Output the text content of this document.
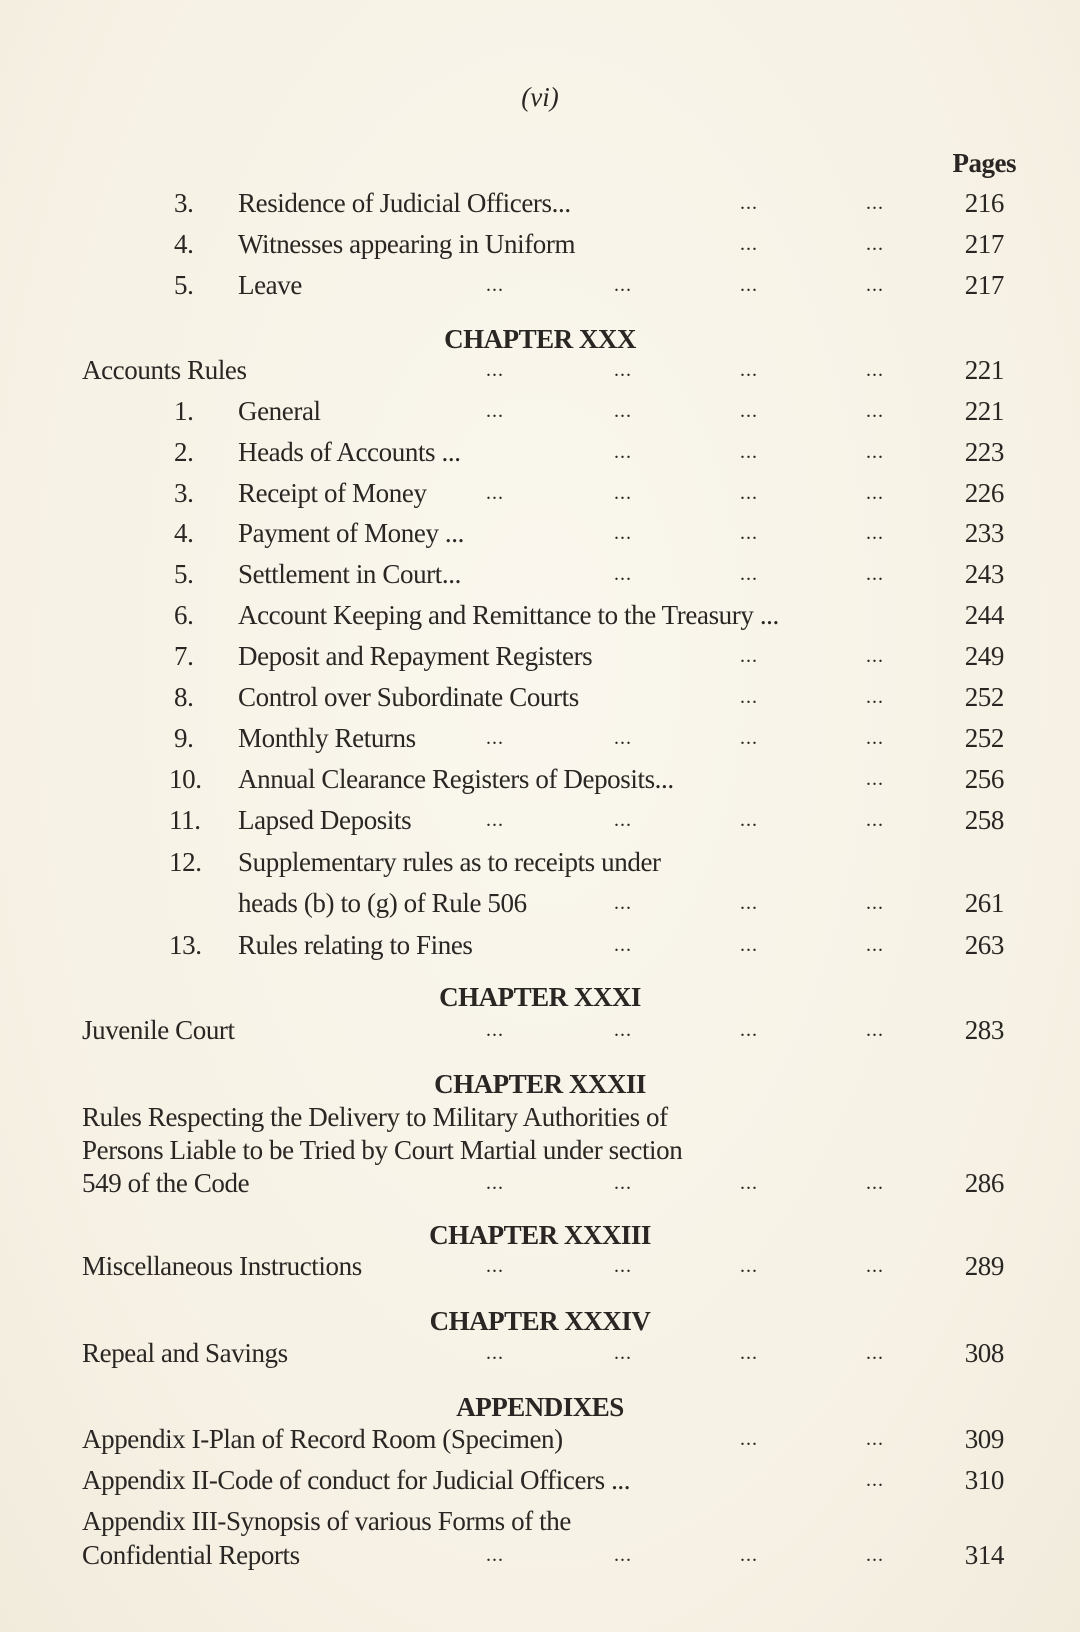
(vi)
Pages
3. Residence of Judicial Officers...	...	...	216
4. Witnesses appearing in Uniform	...	...	217
5. Leave	...	...	...	...	217
CHAPTER XXX
Accounts Rules	...	...	...	...	221
1. General	...	...	...	...	221
2. Heads of Accounts ...	...	...	...	223
3. Receipt of Money	...	...	...	...	226
4. Payment of Money ...	...	...	...	233
5. Settlement in Court...	...	...	...	243
6. Account Keeping and Remittance to the Treasury ...	244
7. Deposit and Repayment Registers	...	...	249
8. Control over Subordinate Courts	...	...	252
9. Monthly Returns	...	...	...	...	252
10. Annual Clearance Registers of Deposits...	...	256
11. Lapsed Deposits	...	...	...	...	258
12. Supplementary rules as to receipts under
heads (b) to (g) of Rule 506	...	...	...	261
13. Rules relating to Fines	...	...	...	263
CHAPTER XXXI
Juvenile Court	...	...	...	...	283
CHAPTER XXXII
Rules Respecting the Delivery to Military Authorities of
Persons Liable to be Tried by Court Martial under section
549 of the Code	...	...	...	...	286
CHAPTER XXXIII
Miscellaneous Instructions	...	...	...	...	289
CHAPTER XXXIV
Repeal and Savings	...	...	...	...	308
APPENDIXES
Appendix I-Plan of Record Room (Specimen)	...	...	309
Appendix II-Code of conduct for Judicial Officers ...	...	310
Appendix III-Synopsis of various Forms of the
Confidential Reports	...	...	...	...	314
